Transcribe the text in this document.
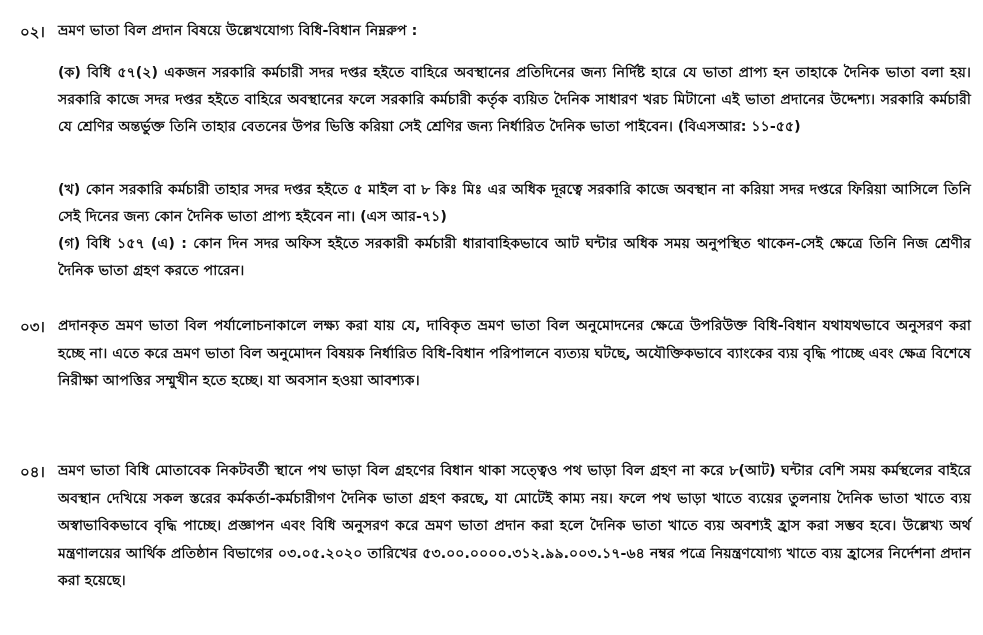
০২। ভ্রমণ ভাতা বিল প্রদান বিষয়ে উল্লেখযোগ্য বিধি-বিধান নিম্নরুপ :

(ক) বিধি ৫৭(২) একজন সরকারি কর্মচারী সদর দপ্তর হইতে বাহিরে অবস্থানের প্রতিদিনের জন্য নির্দিষ্ট হারে যে ভাতা প্রাপ্য হন তাহাকে দৈনিক ভাতা বলা হয়। সরকারি কাজে সদর দপ্তর হইতে বাহিরে অবস্থানের ফলে সরকারি কর্মচারী কর্তৃক ব্যয়িত দৈনিক সাধারণ খরচ মিটানো এই ভাতা প্রদানের উদ্দেশ্য। সরকারি কর্মচারী যে শ্রেণির অন্তর্ভুক্ত তিনি তাহার বেতনের উপর ভিত্তি করিয়া সেই শ্রেণির জন্য নির্ধারিত দৈনিক ভাতা পাইবেন। (বিএসআর: ১১-৫৫)

(খ) কোন সরকারি কর্মচারী তাহার সদর দপ্তর হইতে ৫ মাইল বা ৮ কিঃ মিঃ এর অধিক দূরত্বে সরকারি কাজে অবস্থান না করিয়া সদর দপ্তরে ফিরিয়া আসিলে তিনি সেই দিনের জন্য কোন দৈনিক ভাতা প্রাপ্য হইবেন না। (এস আর-৭১)

(গ) বিধি ১৫৭ (এ) : কোন দিন সদর অফিস হইতে সরকারী কর্মচারী ধারাবাহিকভাবে আট ঘন্টার অধিক সময় অনুপস্থিত থাকেন-সেই ক্ষেত্রে তিনি নিজ শ্রেণীর দৈনিক ভাতা গ্রহণ করতে পারেন।

০৩। প্রদানকৃত ভ্রমণ ভাতা বিল পর্যালোচনাকালে লক্ষ্য করা যায় যে, দাবিকৃত ভ্রমণ ভাতা বিল অনুমোদনের ক্ষেত্রে উপরিউক্ত বিধি-বিধান যথাযথভাবে অনুসরণ করা হচ্ছে না। এতে করে ভ্রমণ ভাতা বিল অনুমোদন বিষয়ক নির্ধারিত বিধি-বিধান পরিপালনে ব্যত্যয় ঘটছে, অযৌক্তিকভাবে ব্যাংকের ব্যয় বৃদ্ধি পাচ্ছে এবং ক্ষেত্র বিশেষে নিরীক্ষা আপত্তির সম্মুখীন হতে হচ্ছে। যা অবসান হওয়া আবশ্যক।
০৪। ভ্রমণ ভাতা বিধি মোতাবেক নিকটবর্তী স্থানে পথ ভাড়া বিল গ্রহণের বিধান থাকা সত্ত্বেও পথ ভাড়া বিল গ্রহণ না করে ৮(আট) ঘন্টার বেশি সময় কর্মস্থলের বাইরে অবস্থান দেখিয়ে সকল স্তরের কর্মকর্তা-কর্মচারীগণ দৈনিক ভাতা গ্রহণ করছে, যা মোটেই কাম্য নয়। ফলে পথ ভাড়া খাতে ব্যয়ের তুলনায় দৈনিক ভাতা খাতে ব্যয় অস্বাভাবিকভাবে বৃদ্ধি পাচ্ছে। প্রজ্ঞাপন এবং বিধি অনুসরণ করে ভ্রমণ ভাতা প্রদান করা হলে দৈনিক ভাতা খাতে ব্যয় অবশ্যই হ্রাস করা সম্ভব হবে। উল্লেখ্য অর্থ মন্ত্রণালয়ের আর্থিক প্রতিষ্ঠান বিভাগের ০৩.০৫.২০২০ তারিখের ৫৩.০০.০০০০.৩১২.৯৯.০০৩.১৭-৬৪ নম্বর পত্রে নিয়ন্ত্রণযোগ্য খাতে ব্যয় হ্রাসের নির্দেশনা প্রদান করা হয়েছে।
